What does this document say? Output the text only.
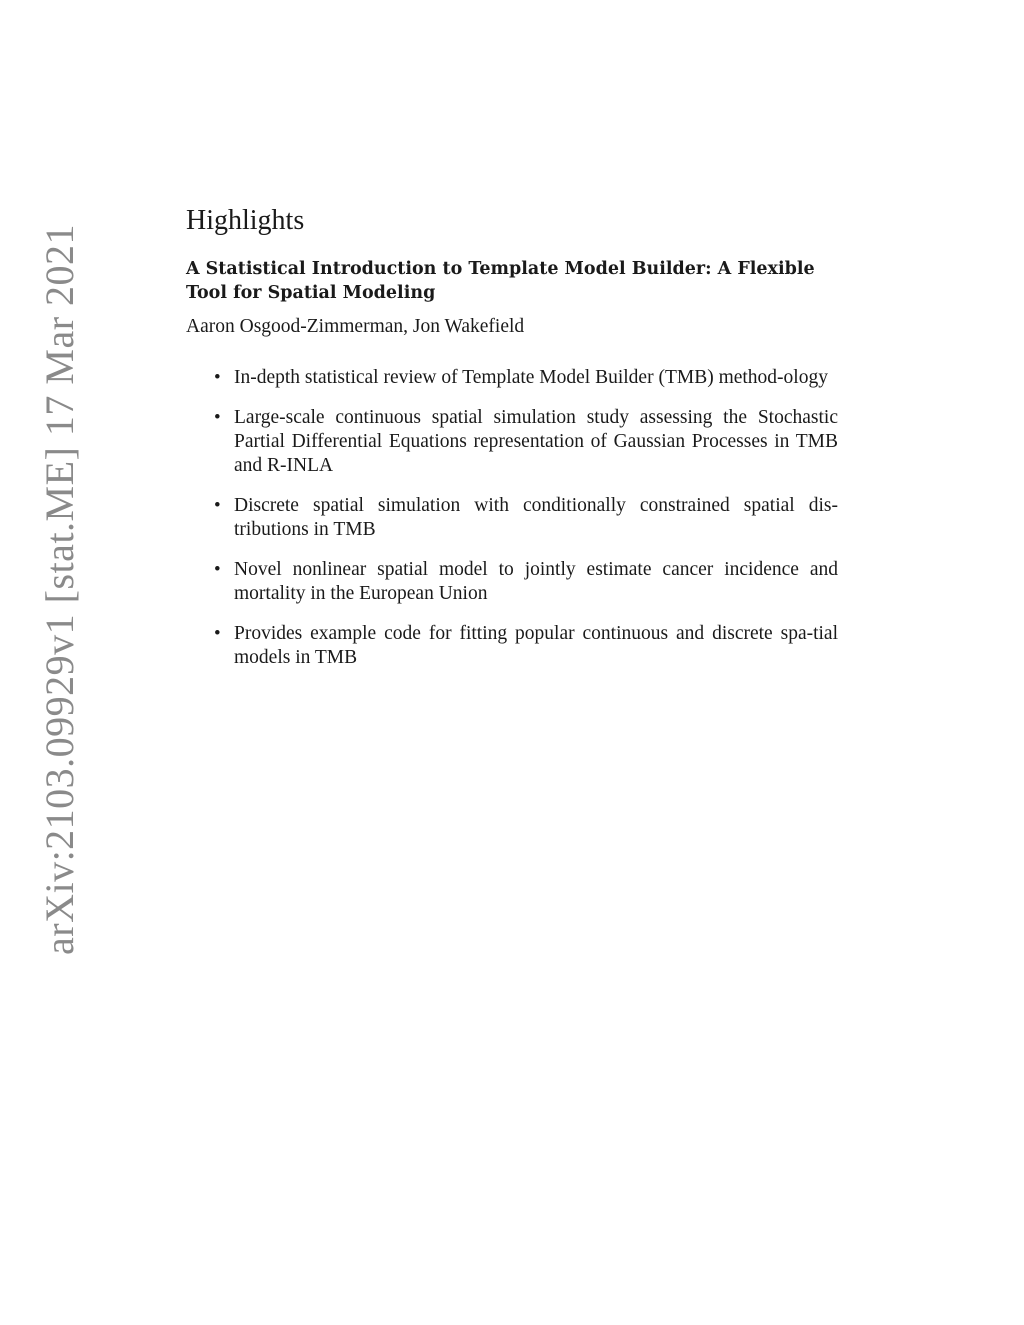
arXiv:2103.09929v1 [stat.ME] 17 Mar 2021
Highlights
A Statistical Introduction to Template Model Builder: A Flexible Tool for Spatial Modeling

Aaron Osgood-Zimmerman, Jon Wakefield

• In-depth statistical review of Template Model Builder (TMB) method-ology
• Large-scale continuous spatial simulation study assessing the Stochastic Partial Differential Equations representation of Gaussian Processes in TMB and R-INLA
• Discrete spatial simulation with conditionally constrained spatial dis-tributions in TMB
• Novel nonlinear spatial model to jointly estimate cancer incidence and mortality in the European Union
• Provides example code for fitting popular continuous and discrete spa-tial models in TMB
